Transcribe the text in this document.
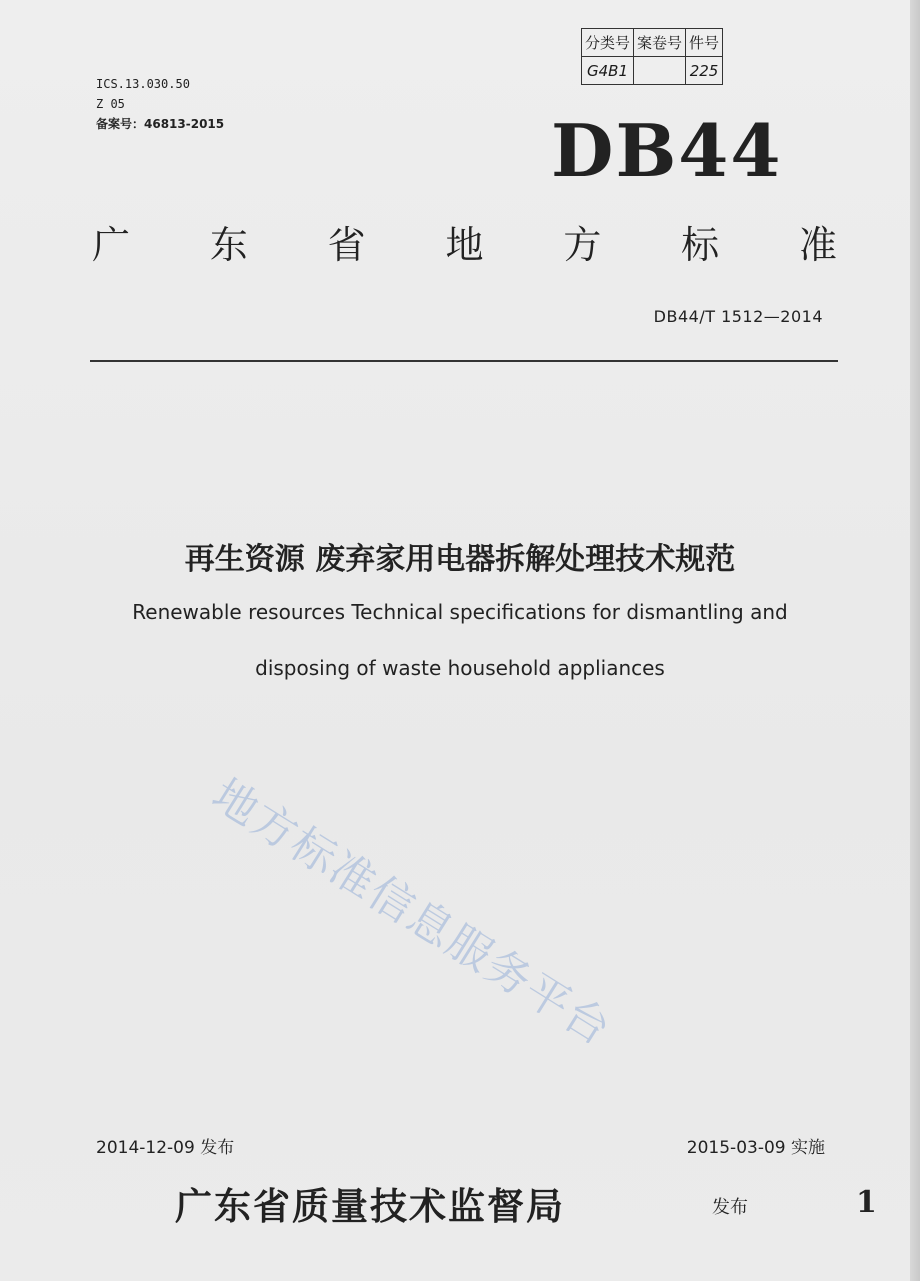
ICS.13.030.50
Z 05
备案号：46813-2015
分类号	案卷号	件号
G4B1		225
DB44
广 东 省 地 方 标 准
DB44/T 1512—2014
再生资源 废弃家用电器拆解处理技术规范
Renewable resources Technical specifications for dismantling and
disposing of waste household appliances
地方标准信息服务平台
2014-12-09 发布	2015-03-09 实施
广东省质量技术监督局	发布	1
